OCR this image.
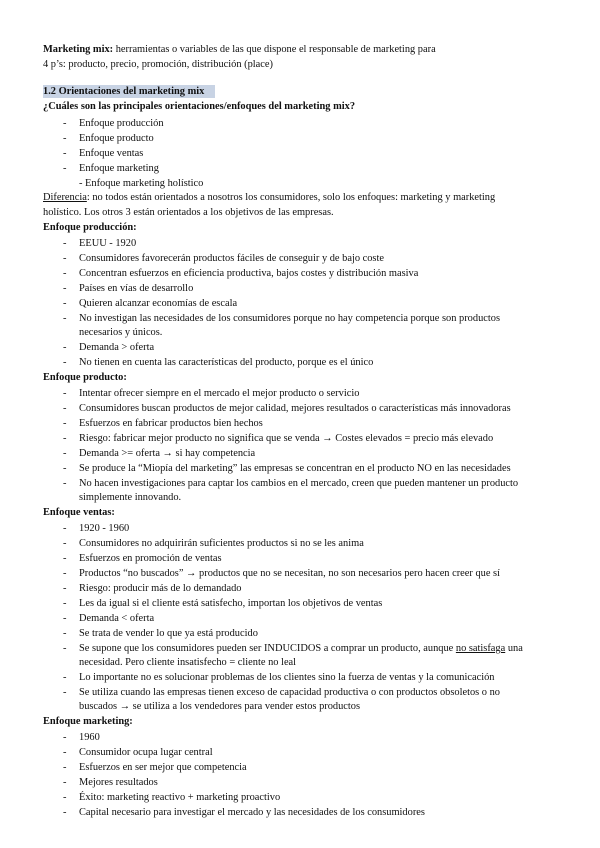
Marketing mix: herramientas o variables de las que dispone el responsable de marketing para
4 p’s: producto, precio, promoción, distribución (place)
1.2 Orientaciones del marketing mix
¿Cuáles son las principales orientaciones/enfoques del marketing mix?
- Enfoque producción
- Enfoque producto
- Enfoque ventas
- Enfoque marketing
- Enfoque marketing holístico
Diferencia: no todos están orientados a nosotros los consumidores, solo los enfoques: marketing y marketing
holístico. Los otros 3 están orientados a los objetivos de las empresas.
Enfoque producción:
- EEUU - 1920
- Consumidores favorecerán productos fáciles de conseguir y de bajo coste
- Concentran esfuerzos en eficiencia productiva, bajos costes y distribución masiva
- Países en vías de desarrollo
- Quieren alcanzar economías de escala
- No investigan las necesidades de los consumidores porque no hay competencia porque son productos
necesarios y únicos.
- Demanda > oferta
- No tienen en cuenta las características del producto, porque es el único
Enfoque producto:
- Intentar ofrecer siempre en el mercado el mejor producto o servicio
- Consumidores buscan productos de mejor calidad, mejores resultados o características más innovadoras
- Esfuerzos en fabricar productos bien hechos
- Riesgo: fabricar mejor producto no significa que se venda → Costes elevados = precio más elevado
- Demanda >= oferta → si hay competencia
- Se produce la “Miopía del marketing” las empresas se concentran en el producto NO en las necesidades
- No hacen investigaciones para captar los cambios en el mercado, creen que pueden mantener un producto
simplemente innovando.
Enfoque ventas:
- 1920 - 1960
- Consumidores no adquirirán suficientes productos si no se les anima
- Esfuerzos en promoción de ventas
- Productos “no buscados” → productos que no se necesitan, no son necesarios pero hacen creer que sí
- Riesgo: producir más de lo demandado
- Les da igual si el cliente está satisfecho, importan los objetivos de ventas
- Demanda < oferta
- Se trata de vender lo que ya está producido
- Se supone que los consumidores pueden ser INDUCIDOS a comprar un producto, aunque no satisfaga una
necesidad. Pero cliente insatisfecho = cliente no leal
- Lo importante no es solucionar problemas de los clientes sino la fuerza de ventas y la comunicación
- Se utiliza cuando las empresas tienen exceso de capacidad productiva o con productos obsoletos o no
buscados → se utiliza a los vendedores para vender estos productos
Enfoque marketing:
- 1960
- Consumidor ocupa lugar central
- Esfuerzos en ser mejor que competencia
- Mejores resultados
- Éxito: marketing reactivo + marketing proactivo
- Capital necesario para investigar el mercado y las necesidades de los consumidores
